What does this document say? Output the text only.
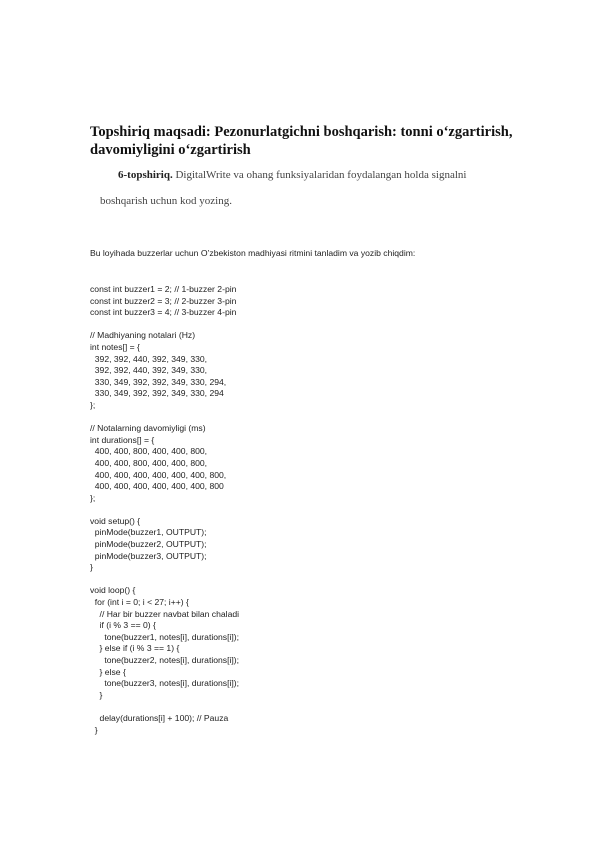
Topshiriq maqsadi: Pezonurlatgichni boshqarish: tonni o‘zgartirish, davomiyligini o‘zgartirish
6-topshiriq. DigitalWrite va ohang funksiyalaridan foydalangan holda signalni
boshqarish uchun kod yozing.
Bu loyihada buzzerlar uchun O’zbekiston madhiyasi ritmini tanladim va yozib chiqdim:
const int buzzer1 = 2; // 1-buzzer 2-pin
const int buzzer2 = 3; // 2-buzzer 3-pin
const int buzzer3 = 4; // 3-buzzer 4-pin
// Madhiyaning notalari (Hz)
int notes[] = {
392, 392, 440, 392, 349, 330,
392, 392, 440, 392, 349, 330,
330, 349, 392, 392, 349, 330, 294,
330, 349, 392, 392, 349, 330, 294
};
// Notalarning davomiyligi (ms)
int durations[] = {
400, 400, 800, 400, 400, 800,
400, 400, 800, 400, 400, 800,
400, 400, 400, 400, 400, 400, 800,
400, 400, 400, 400, 400, 400, 800
};
void setup() {
pinMode(buzzer1, OUTPUT);
pinMode(buzzer2, OUTPUT);
pinMode(buzzer3, OUTPUT);
}
void loop() {
for (int i = 0; i < 27; i++) {
// Har bir buzzer navbat bilan chaladi
if (i % 3 == 0) {
tone(buzzer1, notes[i], durations[i]);
} else if (i % 3 == 1) {
tone(buzzer2, notes[i], durations[i]);
} else {
tone(buzzer3, notes[i], durations[i]);
}
delay(durations[i] + 100); // Pauza
}
